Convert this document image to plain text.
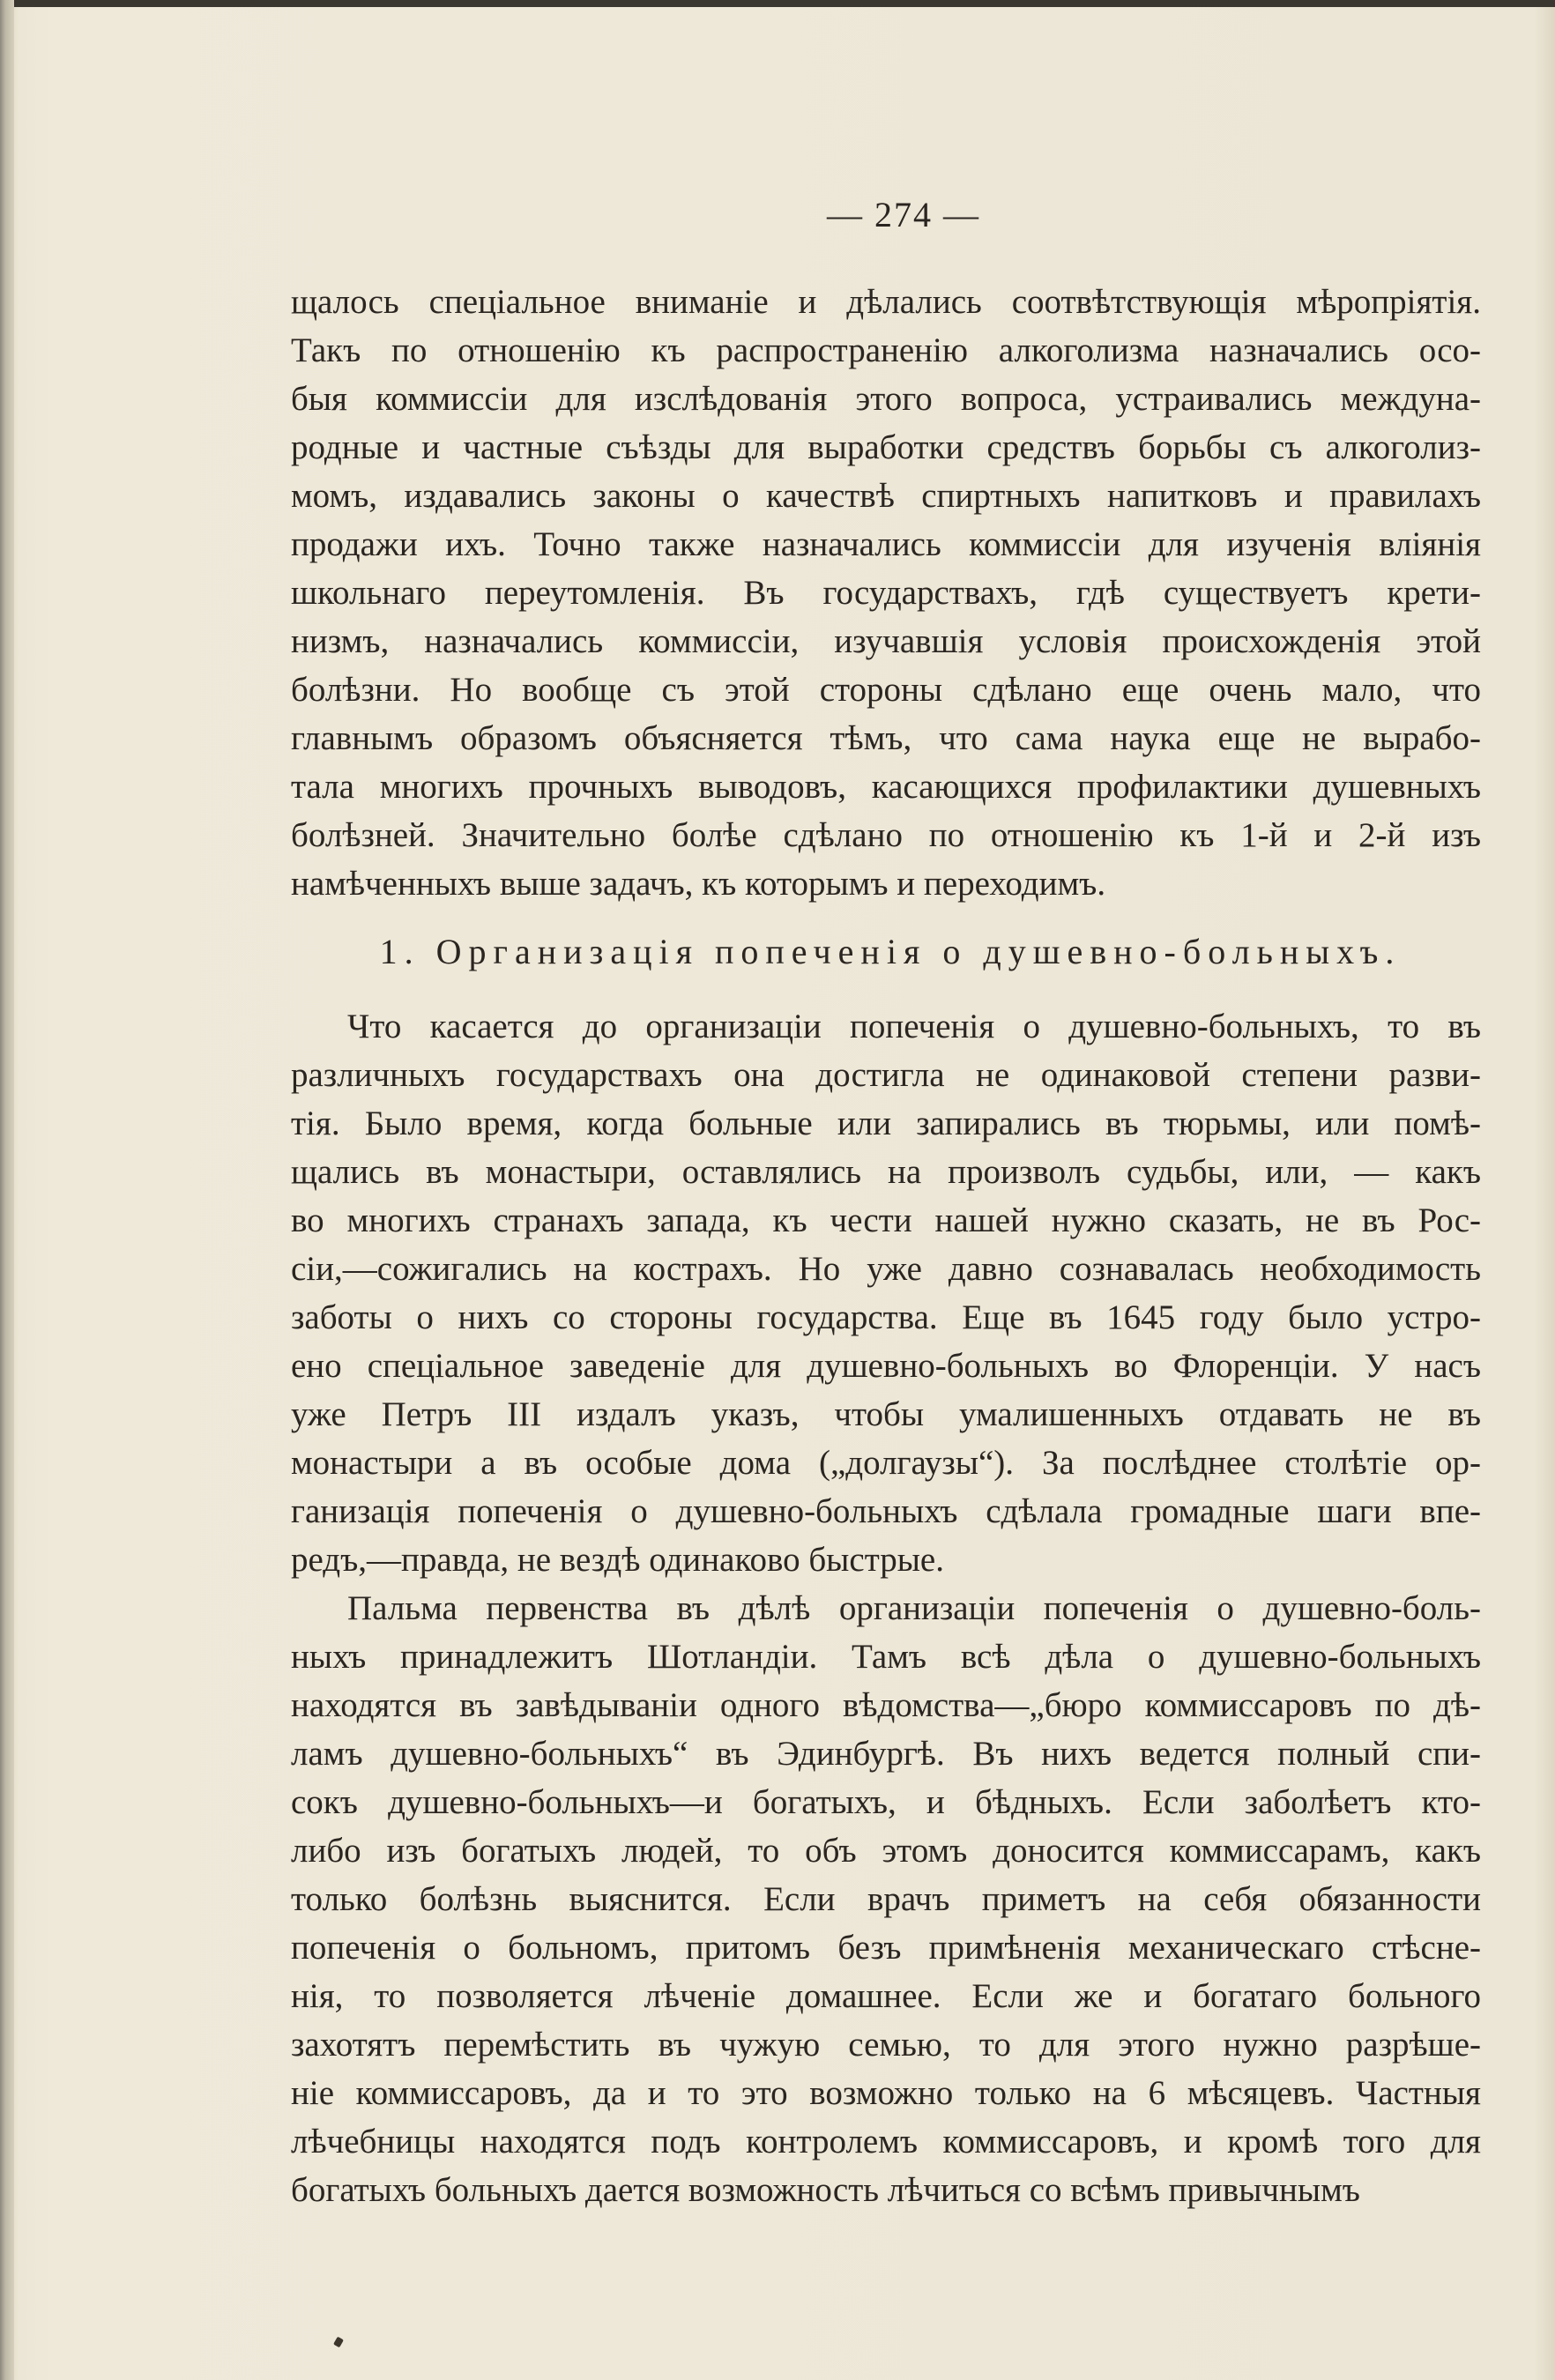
— 274 —
щалось спеціальное вниманіе и дѣлались соотвѣтствующія мѣропріятія.
Такъ по отношенію къ распространенію алкоголизма назначались осо-
быя коммиссіи для изслѣдованія этого вопроса, устраивались междуна-
родные и частные съѣзды для выработки средствъ борьбы съ алкоголиз-
момъ, издавались законы о качествѣ спиртныхъ напитковъ и правилахъ
продажи ихъ. Точно также назначались коммиссіи для изученія вліянія
школьнаго переутомленія. Въ государствахъ, гдѣ существуетъ крети-
низмъ, назначались коммиссіи, изучавшія условія происхожденія этой
болѣзни. Но вообще съ этой стороны сдѣлано еще очень мало, что
главнымъ образомъ объясняется тѣмъ, что сама наука еще не вырабо-
тала многихъ прочныхъ выводовъ, касающихся профилактики душевныхъ
болѣзней. Значительно болѣе сдѣлано по отношенію къ 1-й и 2-й изъ
намѣченныхъ выше задачъ, къ которымъ и переходимъ.
1. Организація попеченія о душевно-больныхъ.
Что касается до организаціи попеченія о душевно-больныхъ, то въ
различныхъ государствахъ она достигла не одинаковой степени разви-
тія. Было время, когда больные или запирались въ тюрьмы, или помѣ-
щались въ монастыри, оставлялись на произволъ судьбы, или, — какъ
во многихъ странахъ запада, къ чести нашей нужно сказать, не въ Рос-
сіи,—сожигались на кострахъ. Но уже давно сознавалась необходимость
заботы о нихъ со стороны государства. Еще въ 1645 году было устро-
ено спеціальное заведеніе для душевно-больныхъ во Флоренціи. У насъ
уже Петръ III издалъ указъ, чтобы умалишенныхъ отдавать не въ
монастыри а въ особые дома („долгаузы“). За послѣднее столѣтіе ор-
ганизація попеченія о душевно-больныхъ сдѣлала громадные шаги впе-
редъ,—правда, не вездѣ одинаково быстрые.
Пальма первенства въ дѣлѣ организаціи попеченія о душевно-боль-
ныхъ принадлежитъ Шотландіи. Тамъ всѣ дѣла о душевно-больныхъ
находятся въ завѣдываніи одного вѣдомства—„бюро коммиссаровъ по дѣ-
ламъ душевно-больныхъ“ въ Эдинбургѣ. Въ нихъ ведется полный спи-
сокъ душевно-больныхъ—и богатыхъ, и бѣдныхъ. Если заболѣетъ кто-
либо изъ богатыхъ людей, то объ этомъ доносится коммиссарамъ, какъ
только болѣзнь выяснится. Если врачъ приметъ на себя обязанности
попеченія о больномъ, притомъ безъ примѣненія механическаго стѣсне-
нія, то позволяется лѣченіе домашнее. Если же и богатаго больного
захотятъ перемѣстить въ чужую семью, то для этого нужно разрѣше-
ніе коммиссаровъ, да и то это возможно только на 6 мѣсяцевъ. Частныя
лѣчебницы находятся подъ контролемъ коммиссаровъ, и кромѣ того для
богатыхъ больныхъ дается возможность лѣчиться со всѣмъ привычнымъ
